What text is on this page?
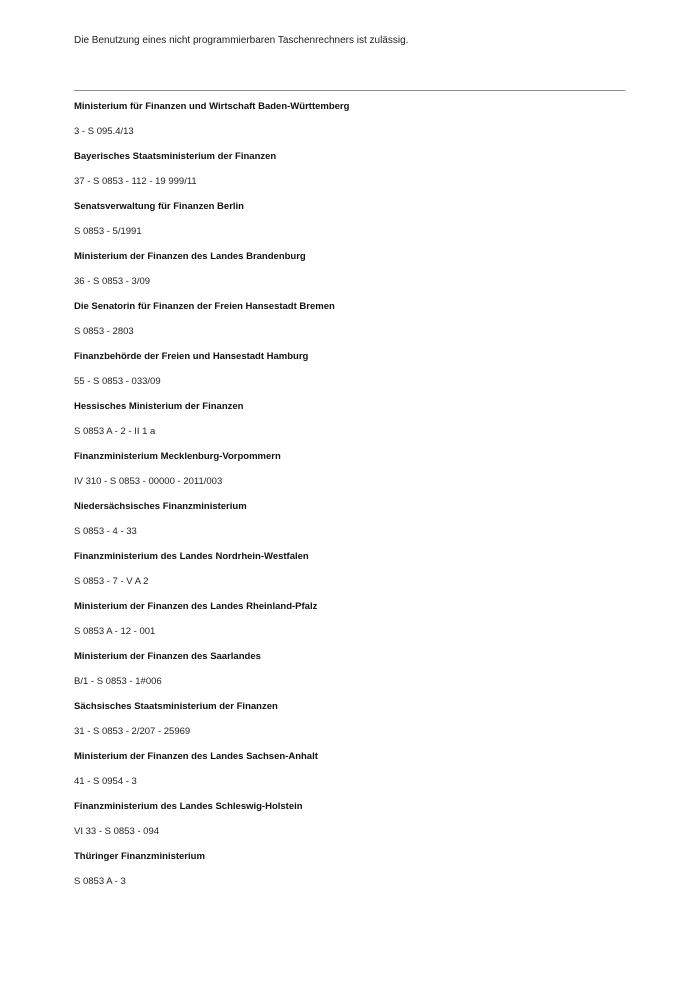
Die Benutzung eines nicht programmierbaren Taschenrechners ist zulässig.
Ministerium für Finanzen und Wirtschaft Baden-Württemberg
3 - S 095.4/13
Bayerisches Staatsministerium der Finanzen
37 - S 0853 - 112 - 19 999/11
Senatsverwaltung für Finanzen Berlin
S 0853 - 5/1991
Ministerium der Finanzen des Landes Brandenburg
36 - S 0853 - 3/09
Die Senatorin für Finanzen der Freien Hansestadt Bremen
S 0853 - 2803
Finanzbehörde der Freien und Hansestadt Hamburg
55 - S 0853 - 033/09
Hessisches Ministerium der Finanzen
S 0853 A - 2 - II 1 a
Finanzministerium Mecklenburg-Vorpommern
IV 310 - S 0853 - 00000 - 2011/003
Niedersächsisches Finanzministerium
S 0853 - 4 - 33
Finanzministerium des Landes Nordrhein-Westfalen
S 0853 - 7 - V A 2
Ministerium der Finanzen des Landes Rheinland-Pfalz
S 0853 A - 12 - 001
Ministerium der Finanzen des Saarlandes
B/1 - S 0853 - 1#006
Sächsisches Staatsministerium der Finanzen
31 - S 0853 - 2/207 - 25969
Ministerium der Finanzen des Landes Sachsen-Anhalt
41 - S 0954 - 3
Finanzministerium des Landes Schleswig-Holstein
VI 33 - S 0853 - 094
Thüringer Finanzministerium
S 0853 A - 3
